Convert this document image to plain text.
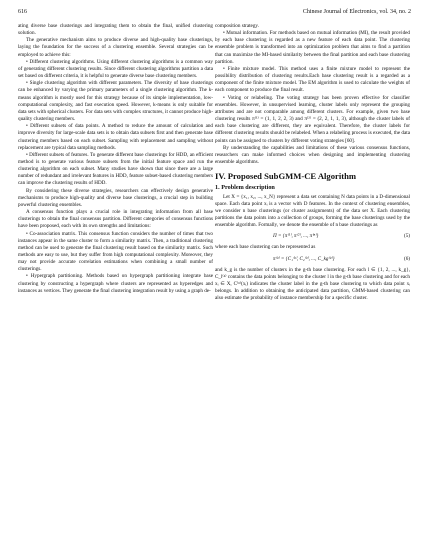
616	Chinese Journal of Electronics, vol. 34, no. 2

ating diverse base clusterings and integrating them to obtain the final, unified clustering solution.

The generative mechanism aims to produce diverse and high-quality base clusterings, laying the foundation for the success of a clustering ensemble. Several strategies can be employed to achieve this:

• Different clustering algorithms. Using different clustering algorithms is a common way of generating different clustering results. Since different clustering algorithms partition a data set based on different criteria, it is helpful to generate diverse base clustering members.

• Single clustering algorithm with different parameters. The diversity of base clusterings can be enhanced by varying the primary parameters of a single clustering algorithm. The k-means algorithm is mostly used for this strategy because of its simple implementation, low-computational complexity, and fast execution speed. However, k-means is only suitable for data sets with spherical clusters. For data sets with complex structures, it cannot produce high-quality clustering members.

• Different subsets of data points. A method to reduce the amount of calculation and improve diversity for large-scale data sets is to obtain data subsets first and then generate base clustering members based on each subset. Sampling with replacement and sampling without replacement are typical data sampling methods.

• Different subsets of features. To generate different base clusterings for HDD, an efficient method is to generate various feature subsets from the initial feature space and run the clustering algorithm on each subset. Many studies have shown that since there are a large number of redundant and irrelevant features in HDD, feature subset-based clustering members can improve the clustering results of HDD.

By considering these diverse strategies, researchers can effectively design generative mechanisms to produce high-quality and diverse base clusterings, a crucial step in building powerful clustering ensembles.

A consensus function plays a crucial role in integrating information from all base clusterings to obtain the final consensus partition. Different categories of consensus functions have been proposed, each with its own strengths and limitations:

• Co-association matrix. This consensus function considers the number of times that two instances appear in the same cluster to form a similarity matrix. Then, a traditional clustering method can be used to generate the final clustering result based on the similarity matrix. Such methods are easy to use, but they suffer from high computational complexity. Moreover, they may not provide accurate correlation estimations when combining a small number of clusterings.

• Hypergraph partitioning. Methods based on hypergraph partitioning integrate base clustering by constructing a hypergraph where clusters are represented as hyperedges and instances as vertices. They generate the final clustering integration result by using a graph de-

composition strategy.

• Mutual information. For methods based on mutual information (MI), the result provided by each base clustering is regarded as a new feature of each data point. The clustering ensemble problem is transformed into an optimization problem that aims to find a partition that can maximize the MI-based similarity between the final partition and each base clustering partition.

• Finite mixture model. This method uses a finite mixture model to represent the possibility distribution of clustering results.Each base clustering result is a regarded as a component of the finite mixture model. The EM algorithm is used to calculate the weights of each component to produce the final result.

• Voting or relabeling. The voting strategy has been proven effective for classifier ensembles. However, in unsupervised learning, cluster labels only represent the grouping attributes and are not comparable among different clusters. For example, given two base clustering results π⁽¹⁾ = (1, 1, 2, 2, 3) and π⁽²⁾ = (2, 2, 1, 1, 3), although the cluster labels of each base clustering are different, they are equivalent. Therefore, the cluster labels for different clustering results should be relabeled. When a relabeling process is executed, the data points can be assigned to clusters by different voting strategies [60].

By understanding the capabilities and limitations of these various consensus functions, researchers can make informed choices when designing and implementing clustering ensemble algorithms.

IV. Proposed SubGMM-CE Algorithm
1. Problem description

Let X = {x₁, x₂, ..., x_N} represent a data set containing N data points in a D-dimensional space. Each data point xᵢ is a vector with D features. In the context of clustering ensembles, we consider n base clusterings (or cluster assignments) of the data set X. Each clustering partitions the data points into a collection of groups, forming the base clusterings used by the ensemble algorithm. Formally, we denote the ensemble of n base clusterings as

Π = {π⁽¹⁾, π⁽²⁾, ..., π⁽ⁿ⁾}	(5)

where each base clustering can be represented as

π⁽ᵍ⁾ = {C₁⁽ᵍ⁾, C₂⁽ᵍ⁾, ..., C_kg⁽ᵍ⁾}	(6)

and k_g is the number of clusters in the g-th base clustering. For each l ∈ {1, 2, ..., k_g}, C_l⁽ᵍ⁾ contains the data points belonging to the cluster l in the g-th base clustering and for each xᵢ ∈ X, C⁽ᵍ⁾(xᵢ) indicates the cluster label in the g-th base clustering to which data point xᵢ belongs. In addition to obtaining the anticipated data partition, GMM-based clustering can also estimate the probability of instance membership for a specific cluster.
